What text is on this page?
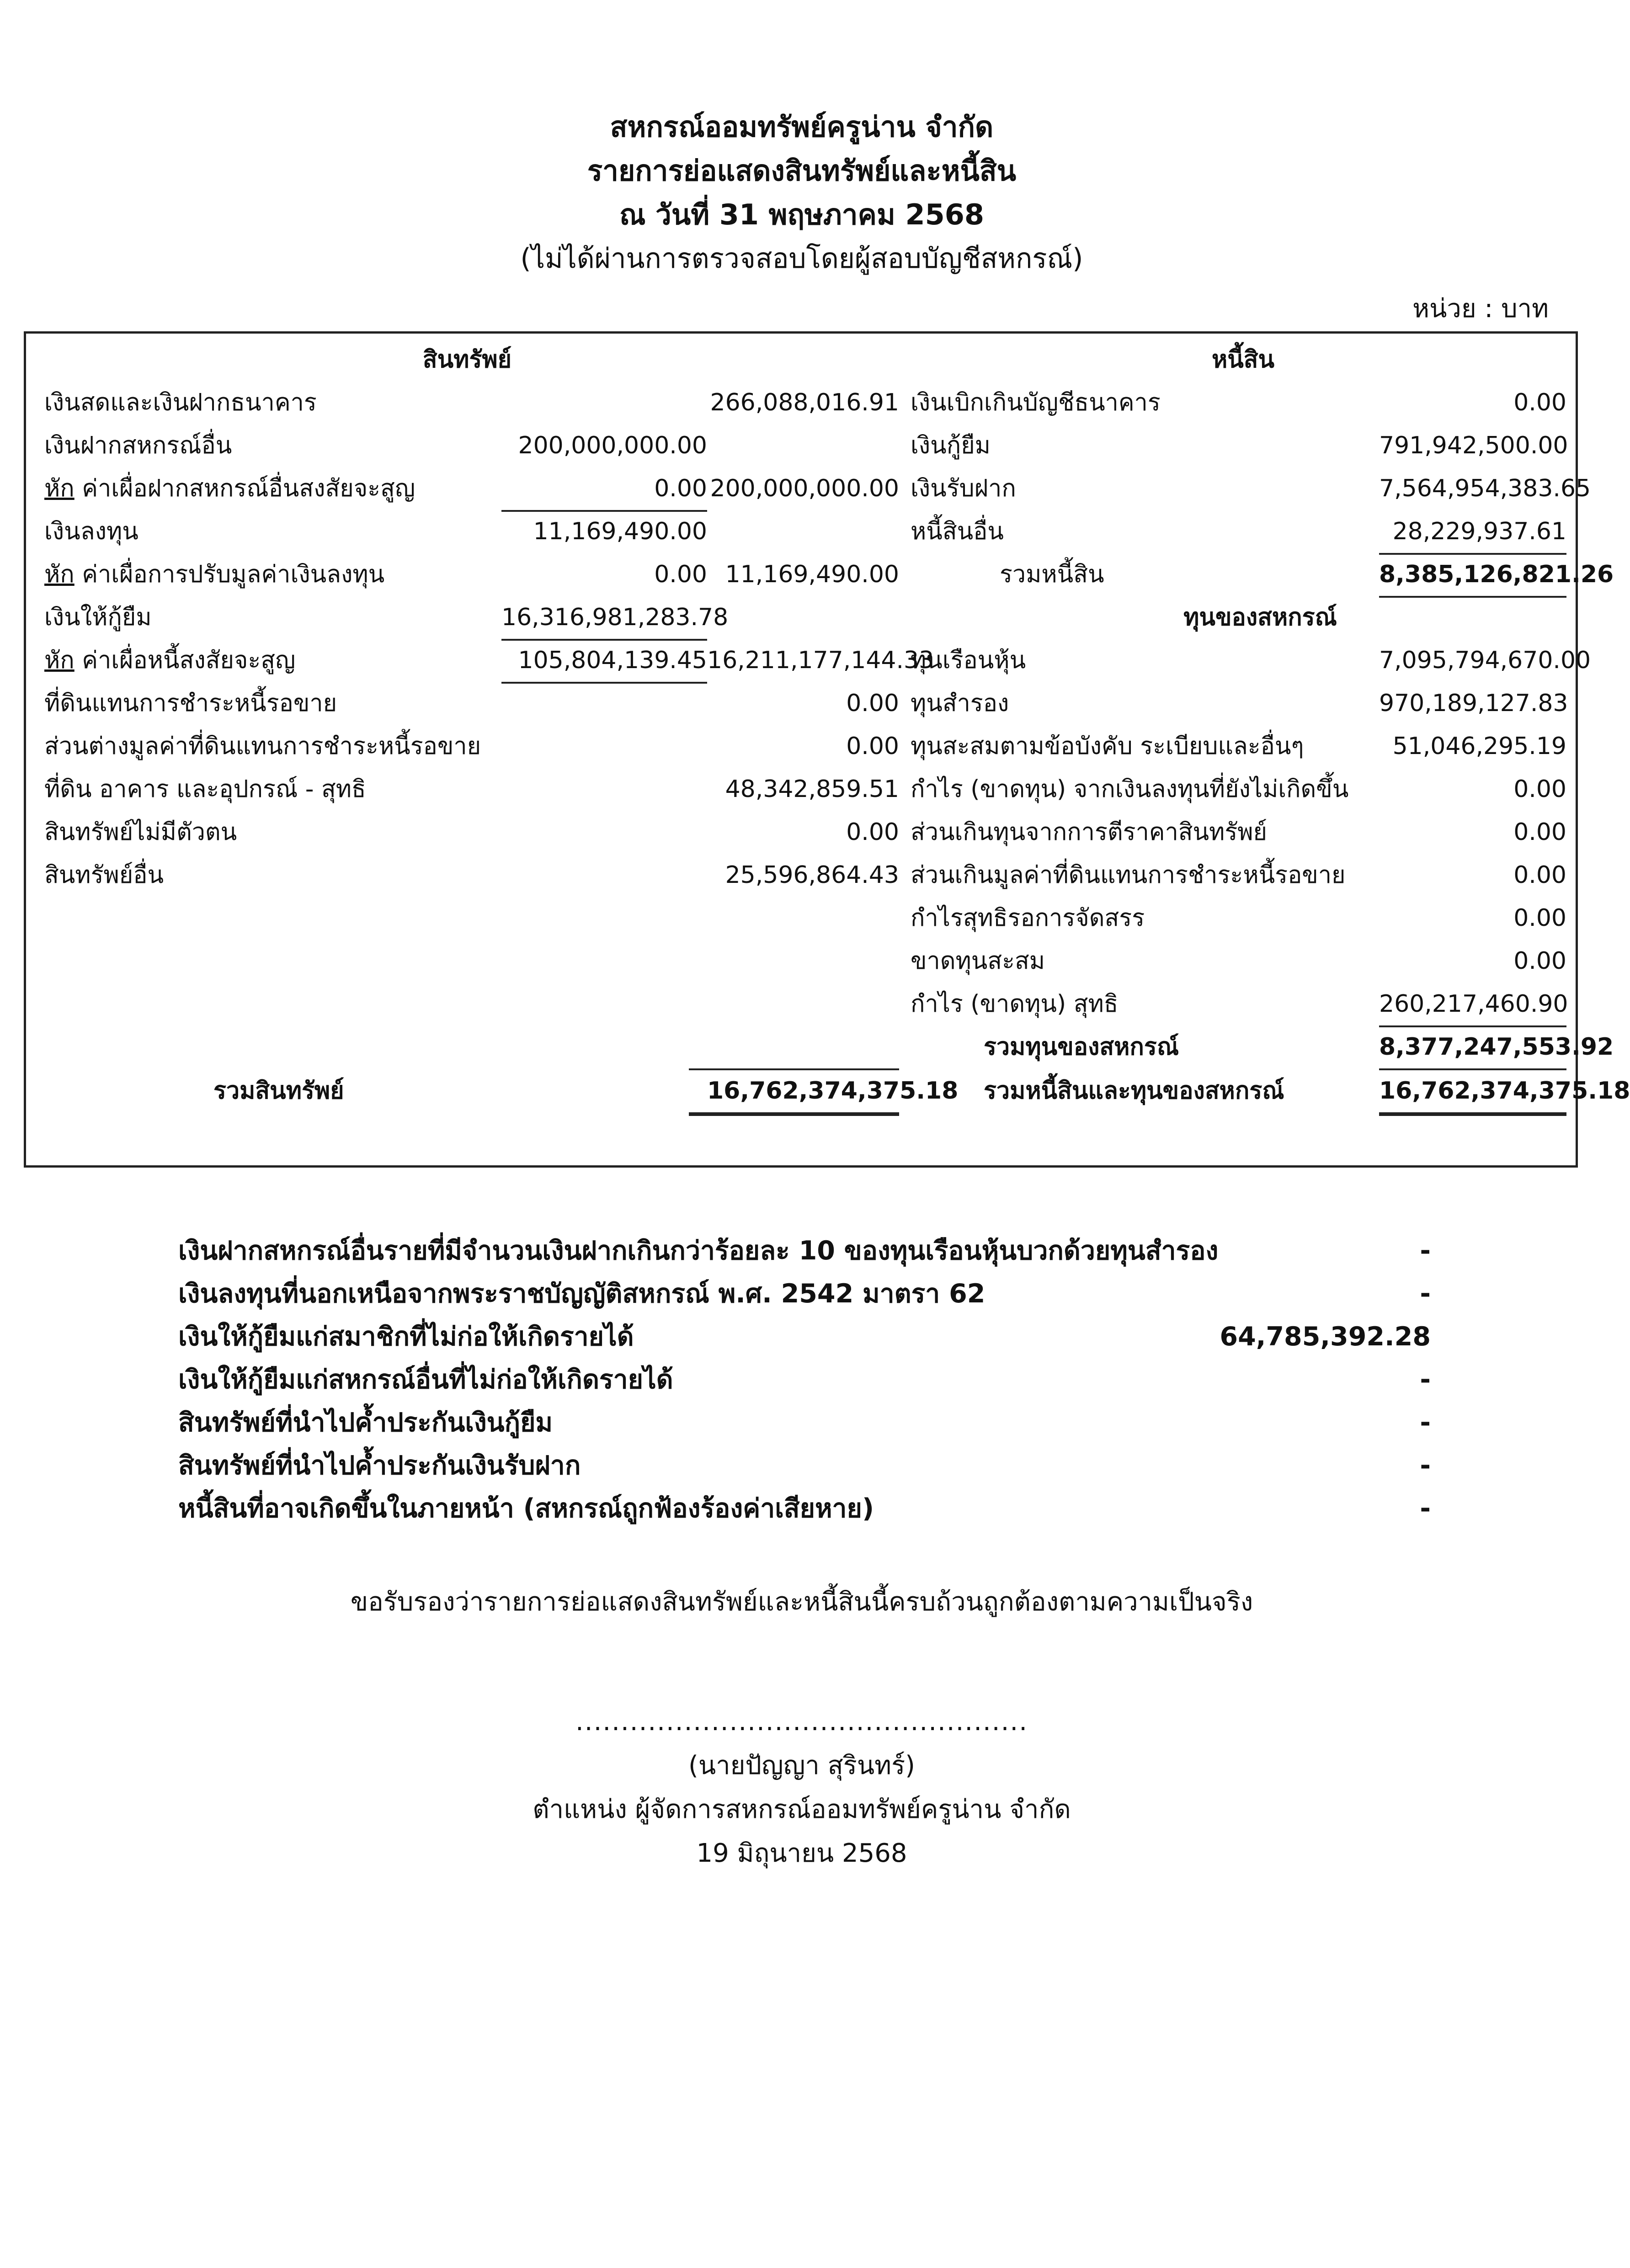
สหกรณ์ออมทรัพย์ครูน่าน จำกัด
รายการย่อแสดงสินทรัพย์และหนี้สิน
ณ วันที่ 31 พฤษภาคม 2568
(ไม่ได้ผ่านการตรวจสอบโดยผู้สอบบัญชีสหกรณ์)
หน่วย : บาท
สินทรัพย์	หนี้สิน
เงินสดและเงินฝากธนาคาร	266,088,016.91
เงินฝากสหกรณ์อื่น	200,000,000.00
หัก ค่าเผื่อฝากสหกรณ์อื่นสงสัยจะสูญ	0.00 200,000,000.00
เงินลงทุน	11,169,490.00
หัก ค่าเผื่อการปรับมูลค่าเงินลงทุน	0.00 11,169,490.00
เงินให้กู้ยืม	16,316,981,283.78
หัก ค่าเผื่อหนี้สงสัยจะสูญ	105,804,139.45 16,211,177,144.33
ที่ดินแทนการชำระหนี้รอขาย	0.00
ส่วนต่างมูลค่าที่ดินแทนการชำระหนี้รอขาย	0.00
ที่ดิน อาคาร และอุปกรณ์ - สุทธิ	48,342,859.51
สินทรัพย์ไม่มีตัวตน	0.00
สินทรัพย์อื่น	25,596,864.43
เงินเบิกเกินบัญชีธนาคาร	0.00
เงินกู้ยืม	791,942,500.00
เงินรับฝาก	7,564,954,383.65
หนี้สินอื่น	28,229,937.61
รวมหนี้สิน	8,385,126,821.26
ทุนของสหกรณ์
ทุนเรือนหุ้น	7,095,794,670.00
ทุนสำรอง	970,189,127.83
ทุนสะสมตามข้อบังคับ ระเบียบและอื่นๆ	51,046,295.19
กำไร (ขาดทุน) จากเงินลงทุนที่ยังไม่เกิดขึ้น	0.00
ส่วนเกินทุนจากการตีราคาสินทรัพย์	0.00
ส่วนเกินมูลค่าที่ดินแทนการชำระหนี้รอขาย	0.00
กำไรสุทธิรอการจัดสรร	0.00
ขาดทุนสะสม	0.00
กำไร (ขาดทุน) สุทธิ	260,217,460.90
รวมทุนของสหกรณ์	8,377,247,553.92
รวมสินทรัพย์	16,762,374,375.18 รวมหนี้สินและทุนของสหกรณ์	16,762,374,375.18
เงินฝากสหกรณ์อื่นรายที่มีจำนวนเงินฝากเกินกว่าร้อยละ 10 ของทุนเรือนหุ้นบวกด้วยทุนสำรอง	-
เงินลงทุนที่นอกเหนือจากพระราชบัญญัติสหกรณ์ พ.ศ. 2542 มาตรา 62	-
เงินให้กู้ยืมแก่สมาชิกที่ไม่ก่อให้เกิดรายได้	64,785,392.28
เงินให้กู้ยืมแก่สหกรณ์อื่นที่ไม่ก่อให้เกิดรายได้	-
สินทรัพย์ที่นำไปค้ำประกันเงินกู้ยืม	-
สินทรัพย์ที่นำไปค้ำประกันเงินรับฝาก	-
หนี้สินที่อาจเกิดขึ้นในภายหน้า (สหกรณ์ถูกฟ้องร้องค่าเสียหาย)	-
ขอรับรองว่ารายการย่อแสดงสินทรัพย์และหนี้สินนี้ครบถ้วนถูกต้องตามความเป็นจริง
..................................................
(นายปัญญา สุรินทร์)
ตำแหน่ง ผู้จัดการสหกรณ์ออมทรัพย์ครูน่าน จำกัด
19 มิถุนายน 2568
